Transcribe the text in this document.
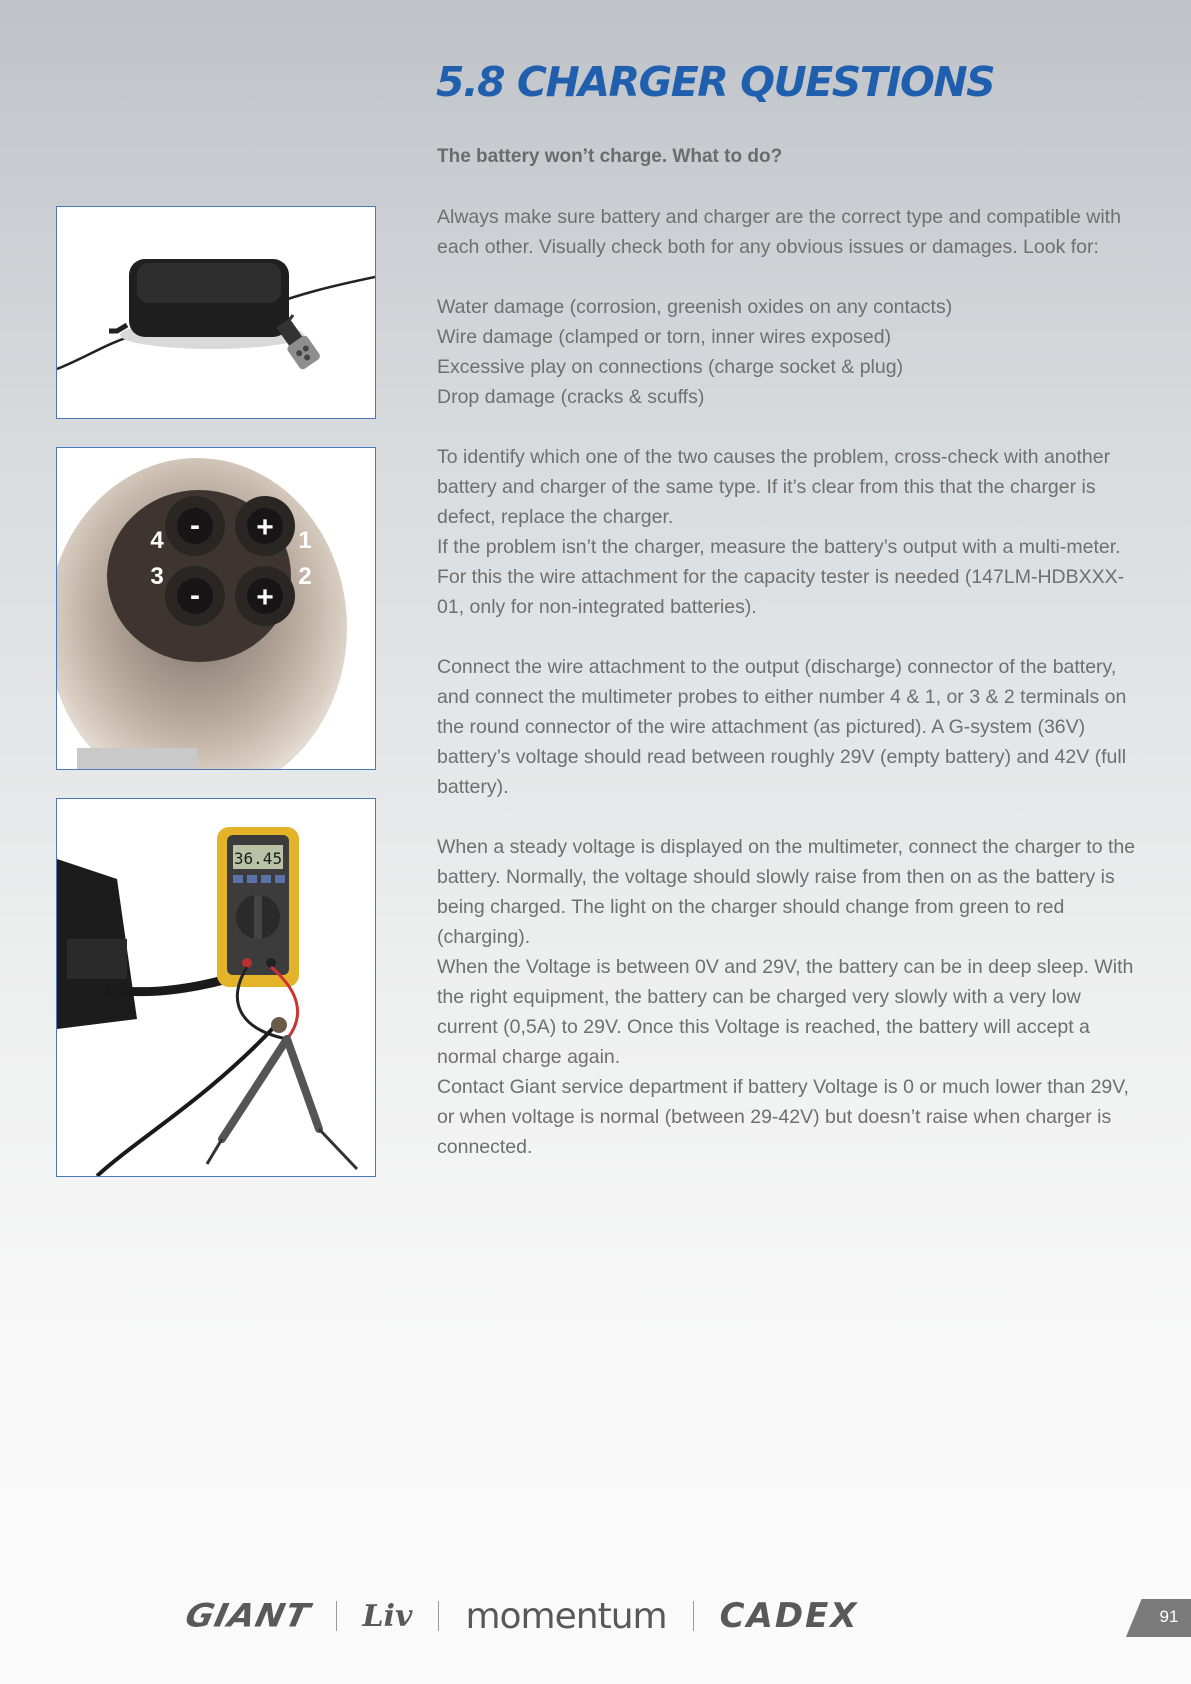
5.8 CHARGER QUESTIONS
The battery won’t charge. What to do?
- +
- +
4	1
3	2
36.45

Always make sure battery and charger are the correct type and compatible with each other. Visually check both for any obvious issues or damages. Look for:

Water damage (corrosion, greenish oxides on any contacts)
Wire damage (clamped or torn, inner wires exposed)
Excessive play on connections (charge socket & plug)
Drop damage (cracks & scuffs)

To identify which one of the two causes the problem, cross-check with another battery and charger of the same type. If it’s clear from this that the charger is defect, replace the charger.

If the problem isn’t the charger, measure the battery’s output with a multi-meter. For this the wire attachment for the capacity tester is needed (147LM-HDBXXX-01, only for non-integrated batteries).

Connect the wire attachment to the output (discharge) connector of the battery, and connect the multimeter probes to either number 4 & 1, or 3 & 2 terminals on the round connector of the wire attachment (as pictured). A G-system (36V) battery’s voltage should read between roughly 29V (empty battery) and 42V (full battery).

When a steady voltage is displayed on the multimeter, connect the charger to the battery. Normally, the voltage should slowly raise from then on as the battery is being charged. The light on the charger should change from green to red (charging).

When the Voltage is between 0V and 29V, the battery can be in deep sleep. With the right equipment, the battery can be charged very slowly with a very low current (0,5A) to 29V. Once this Voltage is reached, the battery will accept a normal charge again.

Contact Giant service department if battery Voltage is 0 or much lower than 29V, or when voltage is normal (between 29-42V) but doesn’t raise when charger is connected.

GIANT Liv momentum CADEX	91
